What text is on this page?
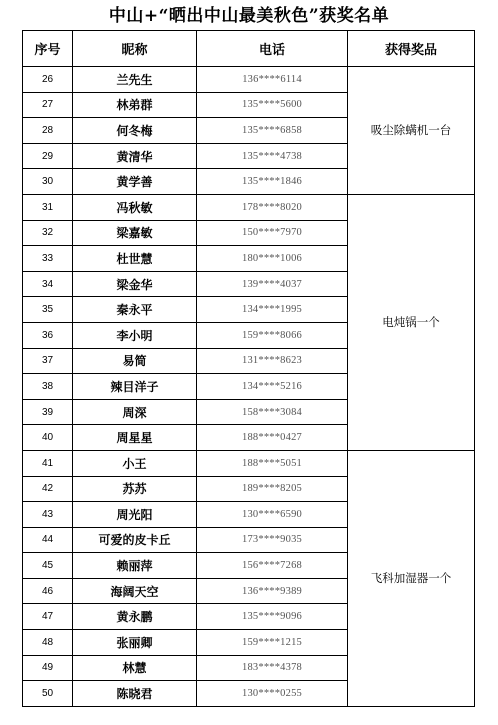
中山+“晒出中山最美秋色”获奖名单
序号	昵称	电话	获得奖品
26	兰先生	136****6114	吸尘除螨机一台
27	林弟群	135****5600	
28	何冬梅	135****6858	
29	黄清华	135****4738	
30	黄学善	135****1846	
31	冯秋敏	178****8020	电炖锅一个
32	梁嘉敏	150****7970	
33	杜世慧	180****1006	
34	梁金华	139****4037	
35	秦永平	134****1995	
36	李小明	159****8066	
37	易简	131****8623	
38	辣目洋子	134****5216	
39	周深	158****3084	
40	周星星	188****0427	
41	小王	188****5051	飞科加湿器一个
42	苏苏	189****8205	
43	周光阳	130****6590	
44	可爱的皮卡丘	173****9035	
45	赖丽萍	156****7268	
46	海阔天空	136****9389	
47	黄永鹏	135****9096	
48	张丽卿	159****1215	
49	林慧	183****4378	
50	陈晓君	130****0255	
